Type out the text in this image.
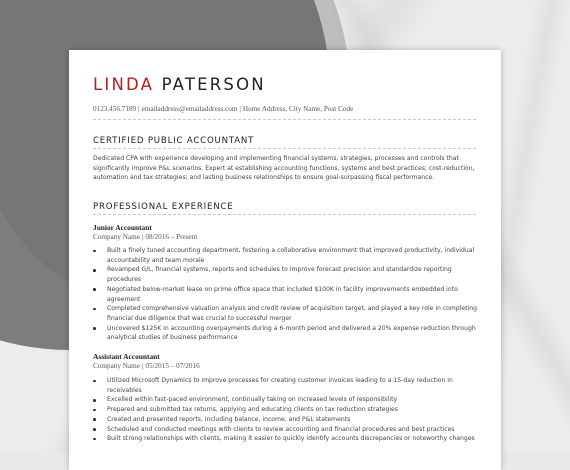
LINDA PATERSON
0123.456.7189 | emailaddress@emailaddress.com | Home Address, City Name, Post Code
CERTIFIED PUBLIC ACCOUNTANT

Dedicated CPA with experience developing and implementing financial systems, strategies, processes and controls that significantly improve P&L scenarios. Expert at establishing accounting functions, systems and best practices; cost-reduction, automation and tax strategies; and lasting business relationships to ensure goal-surpassing fiscal performance.

PROFESSIONAL EXPERIENCE
Junior Accountant
Company Name | 08/2016 – Present
Built a finely tuned accounting department, fostering a collaborative environment that improved productivity, individual accountability and team morale
Revamped G/L, financial systems, reports and schedules to improve forecast precision and standardize reporting procedures
Negotiated below-market lease on prime office space that included $100K in facility improvements embedded into agreement
Completed comprehensive valuation analysis and credit review of acquisition target, and played a key role in completing financial due diligence that was crucial to successful merger
Uncovered $125K in accounting overpayments during a 6-month period and delivered a 20% expense reduction through analytical studies of business performance
Assistant Accountant
Company Name | 05/2015 – 07/2016
Utilized Microsoft Dynamics to improve processes for creating customer invoices leading to a 15-day reduction in receivables
Excelled within fast-paced environment, continually taking on increased levels of responsibility
Prepared and submitted tax returns, applying and educating clients on tax reduction strategies
Created and presented reports, including balance, income, and P&L statements
Scheduled and conducted meetings with clients to review accounting and financial procedures and best practices
Built strong relationships with clients, making it easier to quickly identify accounts discrepancies or noteworthy changes
